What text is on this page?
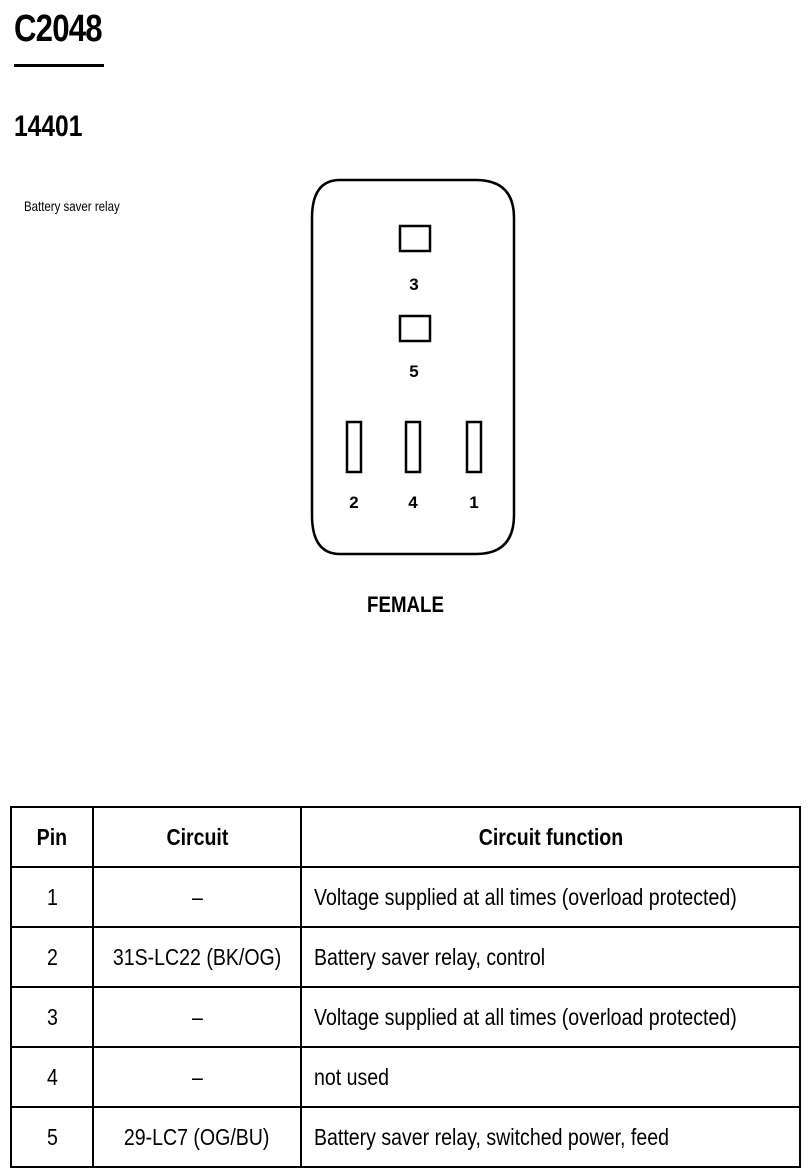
C2048
14401
Battery saver relay
3
5
2	4	1
FEMALE
Pin	Circuit	Circuit function
1	–	Voltage supplied at all times (overload protected)
2	31S-LC22 (BK/OG)	Battery saver relay, control
3	–	Voltage supplied at all times (overload protected)
4	–	not used
5	29-LC7 (OG/BU)	Battery saver relay, switched power, feed
